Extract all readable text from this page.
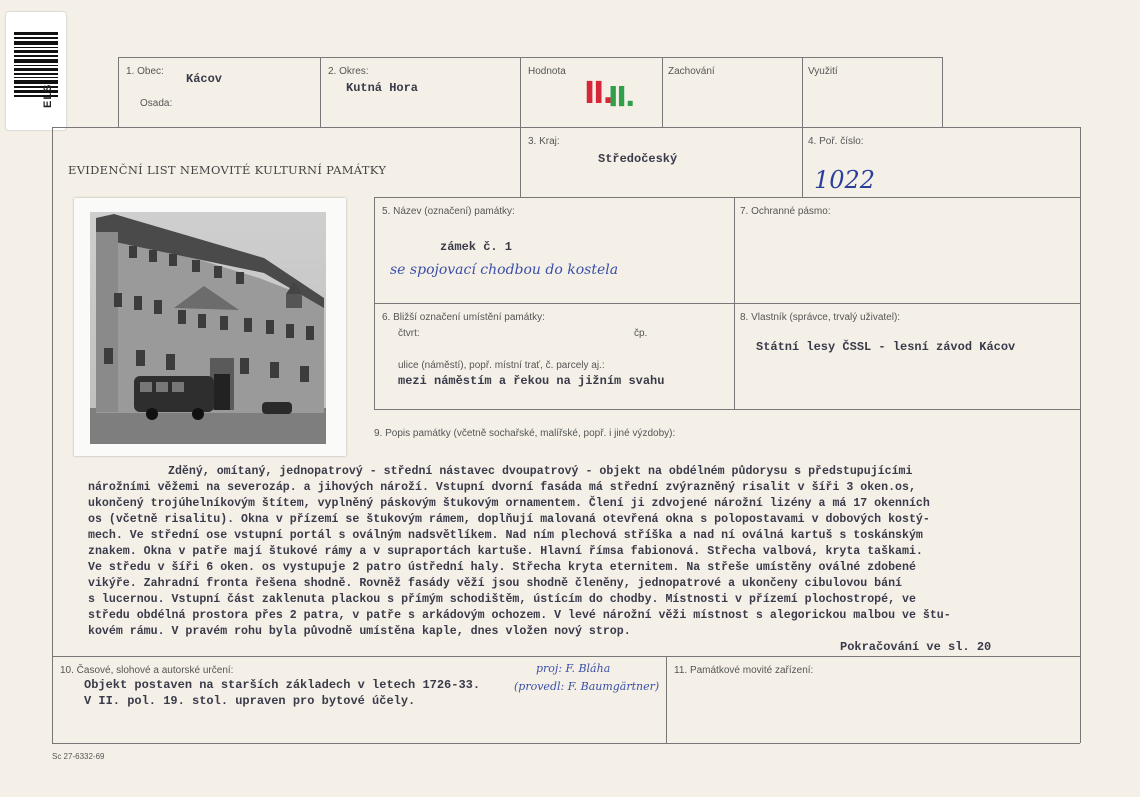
ELS
1. Obec:
Kácov
Osada:
2. Okres:
Kutná Hora
Hodnota
II.
II.
Zachování	Využití
3. Kraj:
Středočeský
4. Poř. číslo:
1022
EVIDENČNÍ LIST NEMOVITÉ KULTURNÍ PAMÁTKY
5. Název (označení) památky:
zámek č. 1
se spojovací chodbou do kostela
7. Ochranné pásmo:
6. Bližší označení umístění památky:
čtvrt:	čp.
ulice (náměstí), popř. místní trať, č. parcely aj.:
mezi náměstím a řekou na jižním svahu
8. Vlastník (správce, trvalý uživatel):
Státní lesy ČSSL - lesní závod Kácov
9. Popis památky (včetně sochařské, malířské, popř. i jiné výzdoby):
Zděný, omítaný, jednopatrový - střední nástavec dvoupatrový - objekt na obdélném půdorysu s předstupujícími
nárožními věžemi na severozáp. a jihových nároží. Vstupní dvorní fasáda má střední zvýrazněný risalit v šíři 3 oken.os,
ukončený trojúhelníkovým štítem, vyplněný páskovým štukovým ornamentem. Člení ji zdvojené nárožní lizény a má 17 okenních
os (včetně risalitu). Okna v přízemí se štukovým rámem, doplňují malovaná otevřená okna s polopostavami v dobových kostý-
mech. Ve střední ose vstupní portál s oválným nadsvětlíkem. Nad ním plechová stříška a nad ní oválná kartuš s toskánským
znakem. Okna v patře mají štukové rámy a v supraportách kartuše. Hlavní římsa fabionová. Střecha valbová, kryta taškami.
Ve středu v šíři 6 oken. os vystupuje 2 patro ústřední haly. Střecha kryta eternitem. Na střeše umístěny oválné zdobené
vikýře. Zahradní fronta řešena shodně. Rovněž fasády věží jsou shodně členěny, jednopatrové a ukončeny cibulovou bání
s lucernou. Vstupní část zaklenuta plackou s přímým schodištěm, ústícím do chodby. Místnosti v přízemí plochostropé, ve
středu obdélná prostora přes 2 patra, v patře s arkádovým ochozem. V levé nárožní věži místnost s alegorickou malbou ve štu-
kovém rámu. V pravém rohu byla původně umístěna kaple, dnes vložen nový strop.
Pokračování ve sl. 20
10. Časové, slohové a autorské určení:
Objekt postaven na starších základech v letech 1726-33.
V II. pol. 19. stol. upraven pro bytové účely.
proj: F. Bláha
(provedl: F. Baumgärtner)
11. Památkové movité zařízení:
Sc 27-6332-69
